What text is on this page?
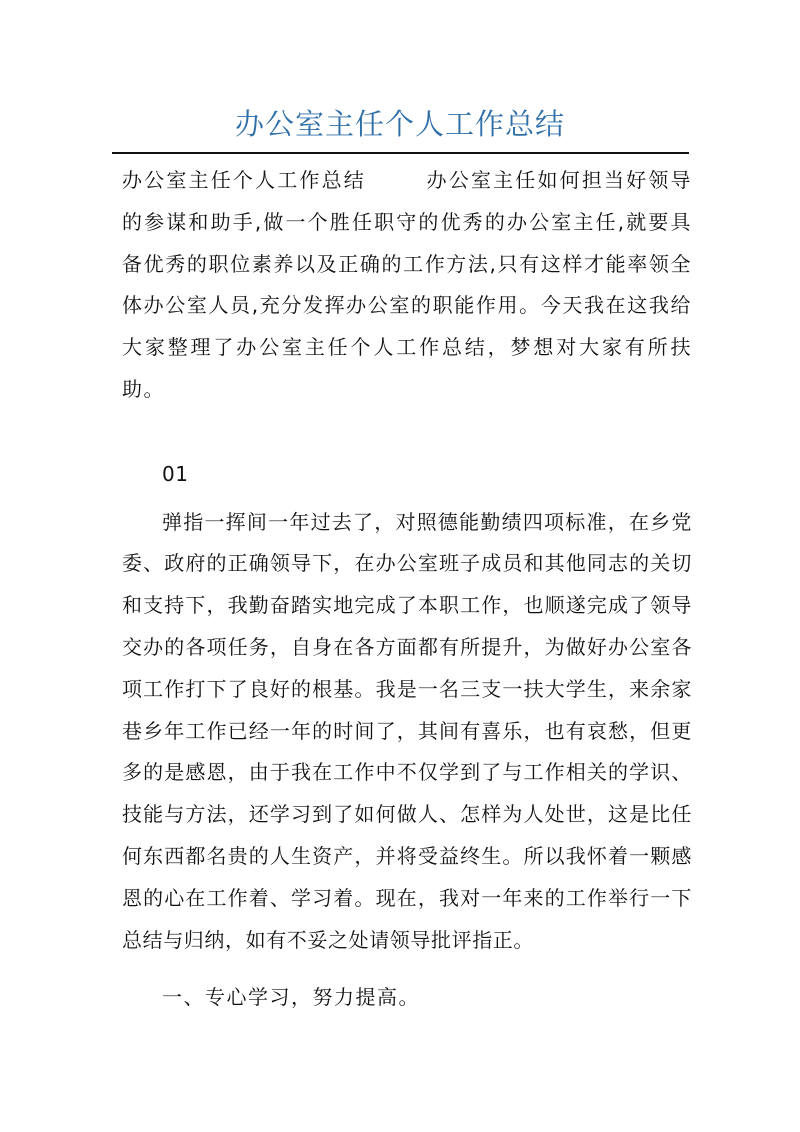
办公室主任个人工作总结

办公室主任个人工作总结	办公室主任如何担当好领导的参谋和助手,做一个胜任职守的优秀的办公室主任,就要具备优秀的职位素养以及正确的工作方法,只有这样才能率领全体办公室人员,充分发挥办公室的职能作用。今天我在这我给大家整理了办公室主任个人工作总结，梦想对大家有所扶助。

01

弹指一挥间一年过去了，对照德能勤绩四项标准，在乡党委、政府的正确领导下，在办公室班子成员和其他同志的关切和支持下，我勤奋踏实地完成了本职工作，也顺遂完成了领导交办的各项任务，自身在各方面都有所提升，为做好办公室各项工作打下了良好的根基。我是一名三支一扶大学生，来余家巷乡年工作已经一年的时间了，其间有喜乐，也有哀愁，但更多的是感恩，由于我在工作中不仅学到了与工作相关的学识、技能与方法，还学习到了如何做人、怎样为人处世，这是比任何东西都名贵的人生资产，并将受益终生。所以我怀着一颗感恩的心在工作着、学习着。现在，我对一年来的工作举行一下总结与归纳，如有不妥之处请领导批评指正。

一、专心学习，努力提高。
